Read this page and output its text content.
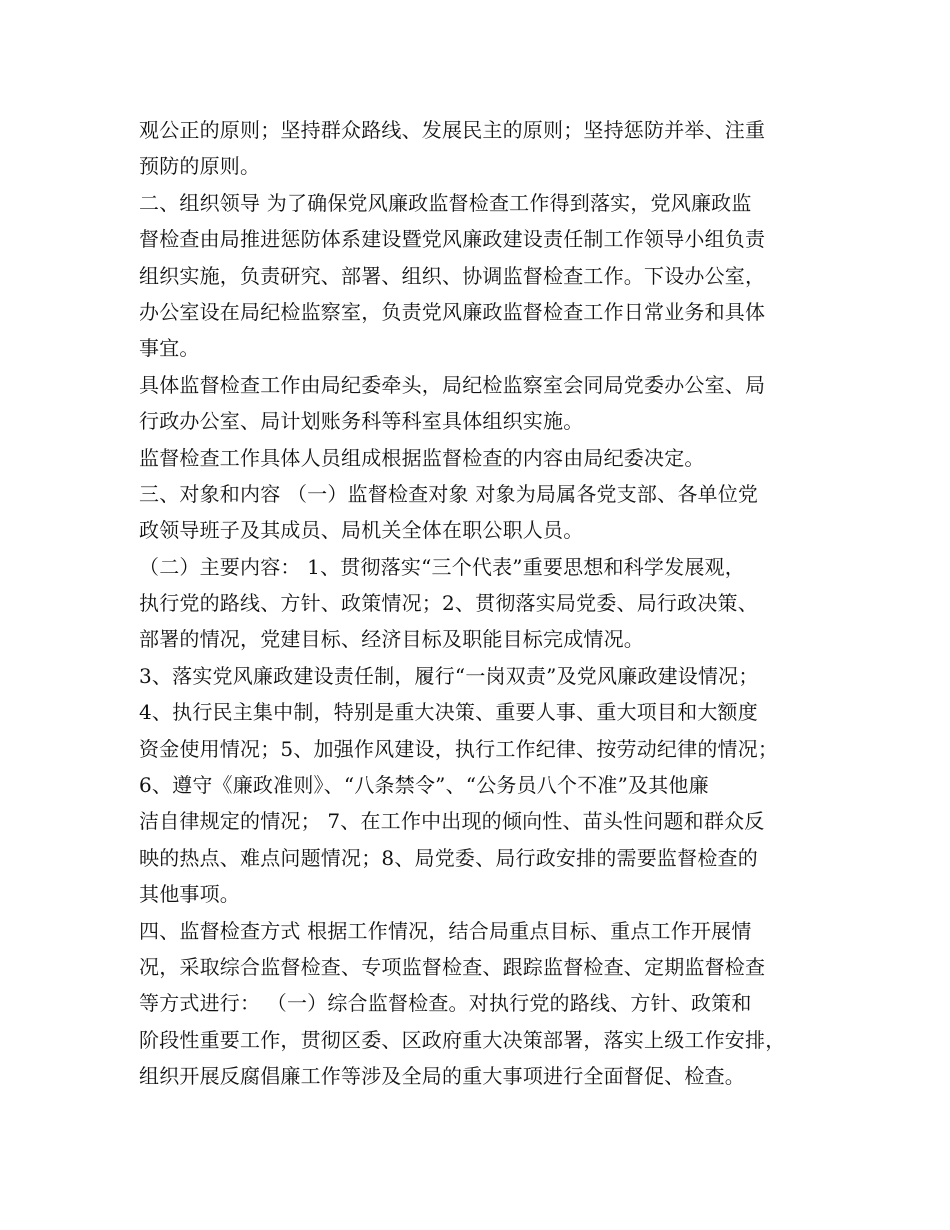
观公正的原则；坚持群众路线、发展民主的原则；坚持惩防并举、注重
预防的原则。
二、组织领导 为了确保党风廉政监督检查工作得到落实，党风廉政监
督检查由局推进惩防体系建设暨党风廉政建设责任制工作领导小组负责
组织实施，负责研究、部署、组织、协调监督检查工作。下设办公室，
办公室设在局纪检监察室，负责党风廉政监督检查工作日常业务和具体
事宜。
具体监督检查工作由局纪委牵头，局纪检监察室会同局党委办公室、局
行政办公室、局计划账务科等科室具体组织实施。
监督检查工作具体人员组成根据监督检查的内容由局纪委决定。
三、对象和内容 （一）监督检查对象 对象为局属各党支部、各单位党
政领导班子及其成员、局机关全体在职公职人员。
（二）主要内容： 1、贯彻落实“三个代表”重要思想和科学发展观，
执行党的路线、方针、政策情况；2、贯彻落实局党委、局行政决策、
部署的情况，党建目标、经济目标及职能目标完成情况。
3、落实党风廉政建设责任制，履行“一岗双责”及党风廉政建设情况；
4、执行民主集中制，特别是重大决策、重要人事、重大项目和大额度
资金使用情况；5、加强作风建设，执行工作纪律、按劳动纪律的情况；
6、遵守《廉政准则》、“八条禁令”、“公务员八个不准”及其他廉
洁自律规定的情况； 7、在工作中出现的倾向性、苗头性问题和群众反
映的热点、难点问题情况；8、局党委、局行政安排的需要监督检查的
其他事项。
四、监督检查方式 根据工作情况，结合局重点目标、重点工作开展情
况，采取综合监督检查、专项监督检查、跟踪监督检查、定期监督检查
等方式进行： （一）综合监督检查。对执行党的路线、方针、政策和
阶段性重要工作，贯彻区委、区政府重大决策部署，落实上级工作安排，
组织开展反腐倡廉工作等涉及全局的重大事项进行全面督促、检查。
